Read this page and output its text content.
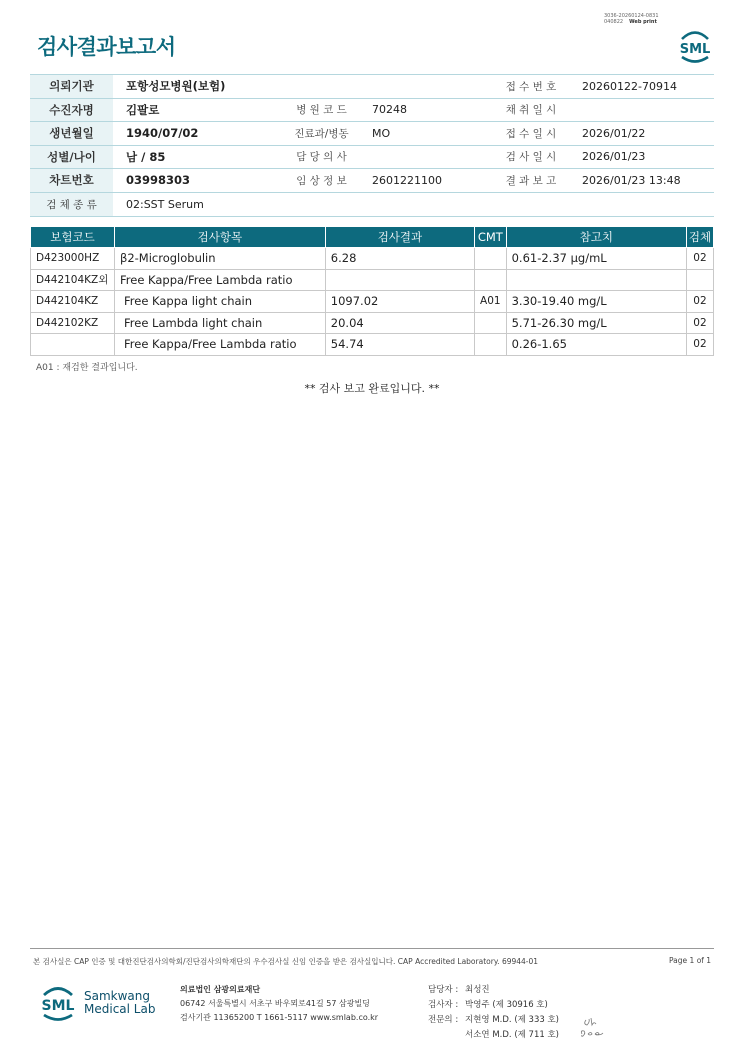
3036-20260124-0831
040822 Web print
검사결과보고서	SML
의뢰기관	포항성모병원(보험)			접 수 번 호	20260122-70914
수진자명	김팔로	병 원 코 드	70248	채 취 일 시	
생년월일	1940/07/02	진료과/병동	MO	접 수 일 시	2026/01/22
성별/나이	남 / 85	담 당 의 사		검 사 일 시	2026/01/23
차트번호	03998303	임 상 정 보	2601221100	결 과 보 고	2026/01/23 13:48
검 체 종 류	02:SST Serum				
보험코드	검사항목	검사결과	CMT	참고치	검체
D423000HZ	β2-Microglobulin	6.28		0.61-2.37 μg/mL	02
D442104KZ외	Free Kappa/Free Lambda ratio				
D442104KZ	Free Kappa light chain	1097.02	A01	3.30-19.40 mg/L	02
D442102KZ	Free Lambda light chain	20.04		5.71-26.30 mg/L	02
	Free Kappa/Free Lambda ratio	54.74		0.26-1.65	02
A01 : 재검한 결과입니다.
** 검사 보고 완료입니다. **
본 검사실은 CAP 인증 및 대한진단검사의학회/진단검사의학재단의 우수검사실 신임 인증을 받은 검사실입니다. CAP Accredited Laboratory. 69944-01	Page 1 of 1
SML
Samkwang
Medical Lab
의료법인 삼광의료재단
06742 서울특별시 서초구 바우뫼로41길 57 삼광빌딩
검사기관 11365200 T 1661-5117 www.smlab.co.kr
담당자 : 최성진
검사자 : 박영주 (제 30916 호)
전문의 : 지현영 M.D. (제 333 호)
서소연 M.D. (제 711 호)
